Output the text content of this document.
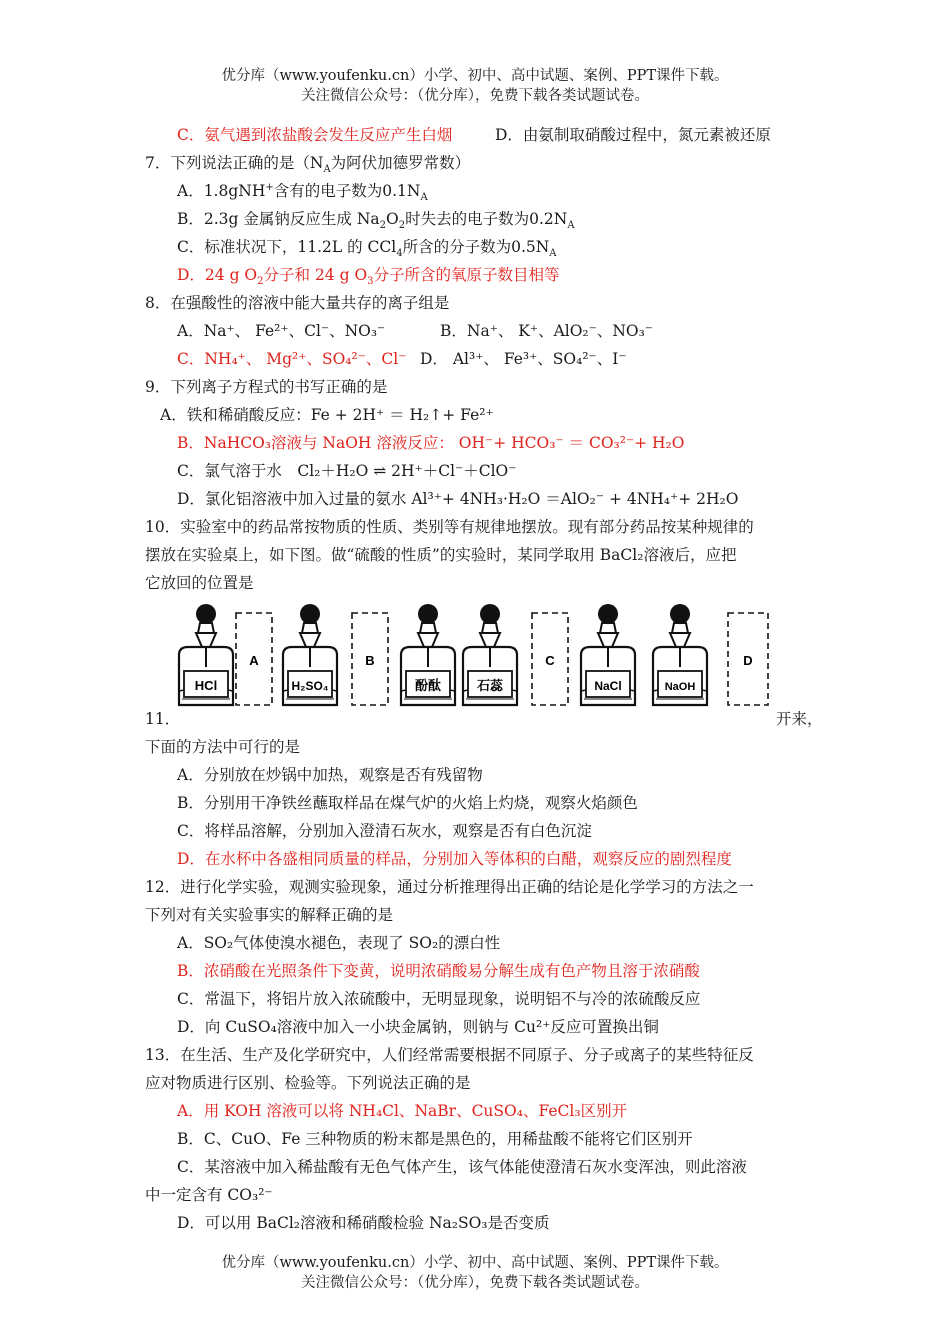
优分库（www.youfenku.cn）小学、初中、高中试题、案例、PPT课件下载。
关注微信公众号：（优分库），免费下载各类试题试卷。
C．氨气遇到浓盐酸会发生反应产生白烟	D．由氨制取硝酸过程中，氮元素被还原
7．下列说法正确的是（$N_A$为阿伏加德罗常数）
A．1.8gNH+含有的电子数为$0.1N_A$
B．2.3g 金属钠反应生成 $Na_2O_2$时失去的电子数为$0.2N_A$
C．标准状况下，11.2L 的 CCl$_4$所含的分子数为$0.5N_A$
D．24 g $O_2$分子和 24 g $O_3$分子所含的氧原子数目相等
8．在强酸性的溶液中能大量共存的离子组是
A．Na⁺、 Fe²⁺、Cl⁻、NO₃⁻	B．Na⁺、 K⁺、AlO₂⁻、NO₃⁻
C．NH₄⁺、 Mg²⁺、SO₄²⁻、Cl⁻ D． Al³⁺、 Fe³⁺、SO₄²⁻、I⁻
9．下列离子方程式的书写正确的是
A．铁和稀硝酸反应：Fe + 2H⁺ ＝ H₂↑+ Fe²⁺
B．NaHCO₃溶液与 NaOH 溶液反应： OH⁻+ HCO₃⁻ ＝ CO₃²⁻+ H₂O
C．氯气溶于水　Cl₂＋H₂O ⇌ 2H⁺＋Cl⁻＋ClO⁻
D．氯化铝溶液中加入过量的氨水 Al³⁺+ 4NH₃·H₂O ＝AlO₂⁻ + 4NH₄⁺+ 2H₂O
10．实验室中的药品常按物质的性质、类别等有规律地摆放。现有部分药品按某种规律的
摆放在实验桌上，如下图。做“硫酸的性质”的实验时，某同学取用 BaCl₂溶液后，应把
它放回的位置是
HCl
A
H₂SO₄
B
酚酞	石蕊
C
NaCl	NaOH
D
11．	开来，
下面的方法中可行的是
A．分别放在炒锅中加热，观察是否有残留物
B．分别用干净铁丝蘸取样品在煤气炉的火焰上灼烧，观察火焰颜色
C．将样品溶解，分别加入澄清石灰水，观察是否有白色沉淀
D．在水杯中各盛相同质量的样品，分别加入等体积的白醋，观察反应的剧烈程度
12．进行化学实验，观测实验现象，通过分析推理得出正确的结论是化学学习的方法之一
下列对有关实验事实的解释正确的是
A．SO₂气体使溴水褪色，表现了 SO₂的漂白性
B．浓硝酸在光照条件下变黄，说明浓硝酸易分解生成有色产物且溶于浓硝酸
C．常温下，将铝片放入浓硫酸中，无明显现象，说明铝不与冷的浓硫酸反应
D．向 CuSO₄溶液中加入一小块金属钠，则钠与 Cu²⁺反应可置换出铜
13．在生活、生产及化学研究中，人们经常需要根据不同原子、分子或离子的某些特征反
应对物质进行区别、检验等。下列说法正确的是
A．用 KOH 溶液可以将 NH₄Cl、NaBr、CuSO₄、FeCl₃区别开
B．C、CuO、Fe 三种物质的粉末都是黑色的，用稀盐酸不能将它们区别开
C．某溶液中加入稀盐酸有无色气体产生，该气体能使澄清石灰水变浑浊，则此溶液
中一定含有 CO₃²⁻
D．可以用 BaCl₂溶液和稀硝酸检验 Na₂SO₃是否变质
优分库（www.youfenku.cn）小学、初中、高中试题、案例、PPT课件下载。
关注微信公众号：（优分库），免费下载各类试题试卷。
